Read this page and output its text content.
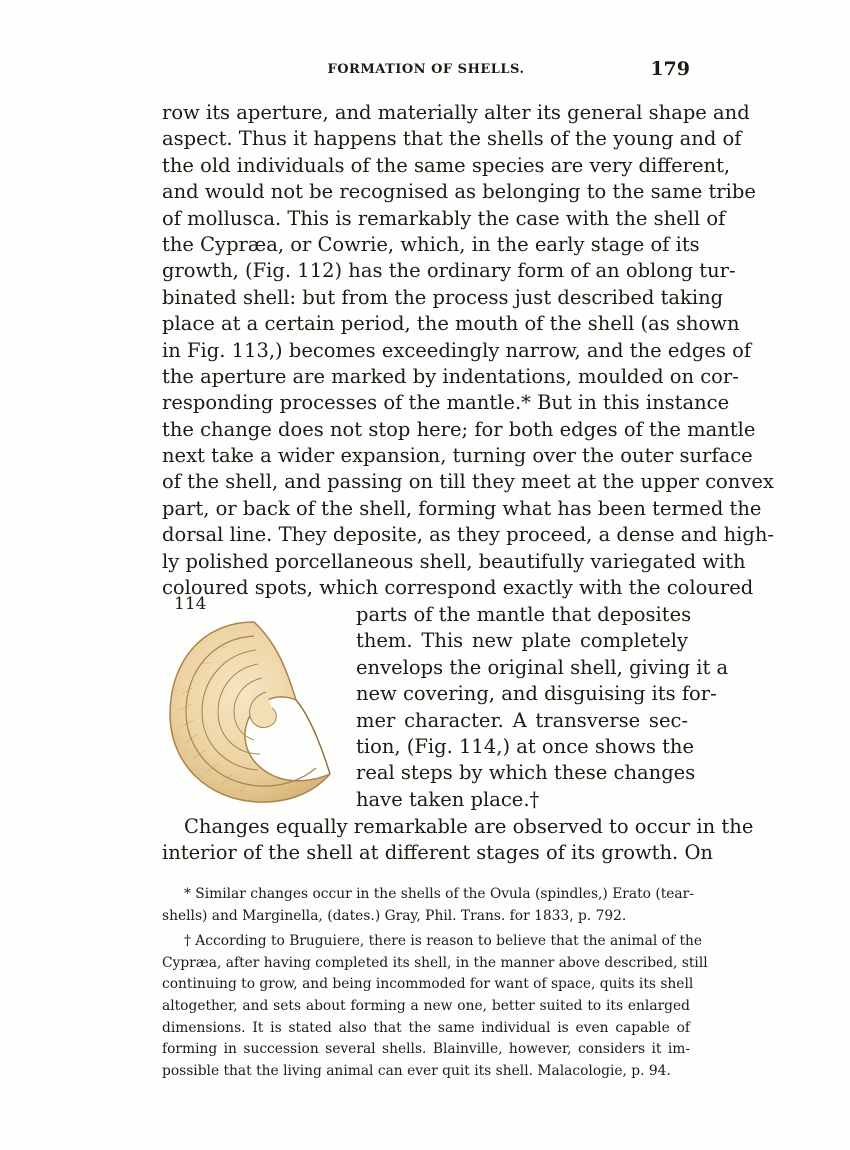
FORMATION OF SHELLS.	179
row its aperture, and materially alter its general shape and
aspect. Thus it happens that the shells of the young and of
the old individuals of the same species are very different,
and would not be recognised as belonging to the same tribe
of mollusca. This is remarkably the case with the shell of
the Cypræa, or Cowrie, which, in the early stage of its
growth, (Fig. 112) has the ordinary form of an oblong tur-
binated shell: but from the process just described taking
place at a certain period, the mouth of the shell (as shown
in Fig. 113,) becomes exceedingly narrow, and the edges of
the aperture are marked by indentations, moulded on cor-
responding processes of the mantle.* But in this instance
the change does not stop here; for both edges of the mantle
next take a wider expansion, turning over the outer surface
of the shell, and passing on till they meet at the upper convex
part, or back of the shell, forming what has been termed the
dorsal line. They deposite, as they proceed, a dense and high-
ly polished porcellaneous shell, beautifully variegated with
coloured spots, which correspond exactly with the coloured
114	parts of the mantle that deposites
them. This new plate completely
envelops the original shell, giving it a
new covering, and disguising its for-
mer character. A transverse sec-
tion, (Fig. 114,) at once shows the
real steps by which these changes
have taken place.†
Changes equally remarkable are observed to occur in the
interior of the shell at different stages of its growth. On
* Similar changes occur in the shells of the Ovula (spindles,) Erato (tear-
shells) and Marginella, (dates.) Gray, Phil. Trans. for 1833, p. 792.
† According to Bruguiere, there is reason to believe that the animal of the
Cypræa, after having completed its shell, in the manner above described, still
continuing to grow, and being incommoded for want of space, quits its shell
altogether, and sets about forming a new one, better suited to its enlarged
dimensions. It is stated also that the same individual is even capable of
forming in succession several shells. Blainville, however, considers it im-
possible that the living animal can ever quit its shell. Malacologie, p. 94.
